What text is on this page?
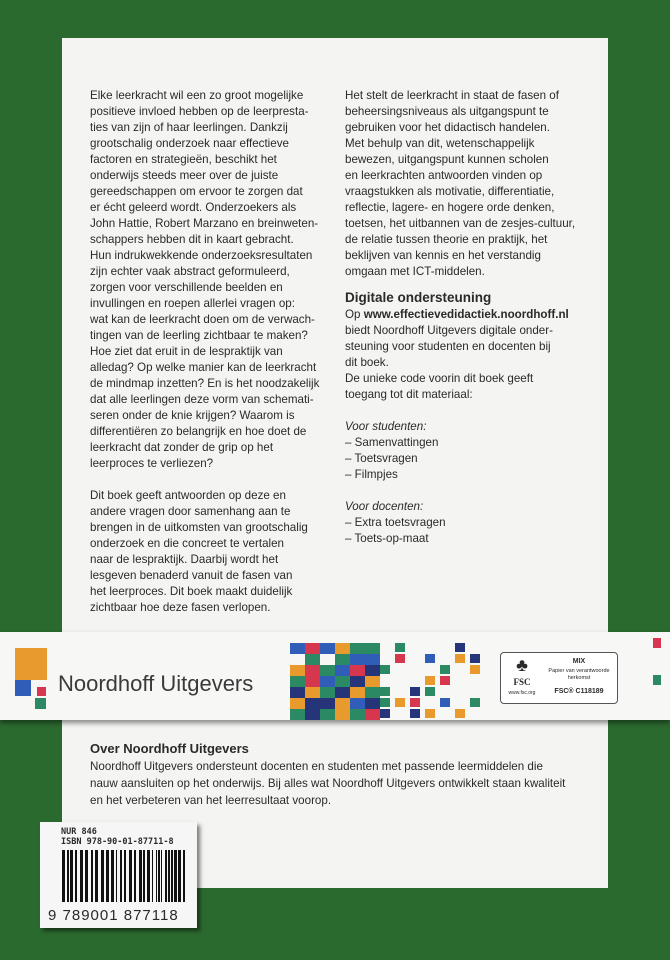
Elke leerkracht wil een zo groot mogelijke
positieve invloed hebben op de leerpresta-
ties van zijn of haar leerlingen. Dankzij
grootschalig onderzoek naar effectieve
factoren en strategieën, beschikt het
onderwijs steeds meer over de juiste
gereedschappen om ervoor te zorgen dat
er écht geleerd wordt. Onderzoekers als
John Hattie, Robert Marzano en breinweten-
schappers hebben dit in kaart gebracht.
Hun indrukwekkende onderzoeksresultaten
zijn echter vaak abstract geformuleerd,
zorgen voor verschillende beelden en
invullingen en roepen allerlei vragen op:
wat kan de leerkracht doen om de verwach-
tingen van de leerling zichtbaar te maken?
Hoe ziet dat eruit in de lespraktijk van
alledag? Op welke manier kan de leerkracht
de mindmap inzetten? En is het noodzakelijk
dat alle leerlingen deze vorm van schemati-
seren onder de knie krijgen? Waarom is
differentiëren zo belangrijk en hoe doet de
leerkracht dat zonder de grip op het
leerproces te verliezen?
Dit boek geeft antwoorden op deze en
andere vragen door samenhang aan te
brengen in de uitkomsten van grootschalig
onderzoek en die concreet te vertalen
naar de lespraktijk. Daarbij wordt het
lesgeven benaderd vanuit de fasen van
het leerproces. Dit boek maakt duidelijk
zichtbaar hoe deze fasen verlopen.
Het stelt de leerkracht in staat de fasen of
beheersingsniveaus als uitgangspunt te
gebruiken voor het didactisch handelen.
Met behulp van dit, wetenschappelijk
bewezen, uitgangspunt kunnen scholen
en leerkrachten antwoorden vinden op
vraagstukken als motivatie, differentiatie,
reflectie, lagere- en hogere orde denken,
toetsen, het uitbannen van de zesjes-cultuur,
de relatie tussen theorie en praktijk, het
beklijven van kennis en het verstandig
omgaan met ICT-middelen.
Digitale ondersteuning
Op www.effectievedidactiek.noordhoff.nl
biedt Noordhoff Uitgevers digitale onder-
steuning voor studenten en docenten bij
dit boek.
De unieke code voorin dit boek geeft
toegang tot dit materiaal:
Voor studenten:
– Samenvattingen
– Toetsvragen
– Filmpjes
Voor docenten:
– Extra toetsvragen
– Toets-op-maat
Noordhoff Uitgevers
♣
FSC
www.fsc.org
MIX
Papier van verantwoorde herkomst
FSC® C118189
Over Noordhoff Uitgevers
Noordhoff Uitgevers ondersteunt docenten en studenten met passende leermiddelen die
nauw aansluiten op het onderwijs. Bij alles wat Noordhoff Uitgevers ontwikkelt staan kwaliteit
en het verbeteren van het leerresultaat voorop.
NUR 846
ISBN 978-90-01-87711-8
9 789001 877118
